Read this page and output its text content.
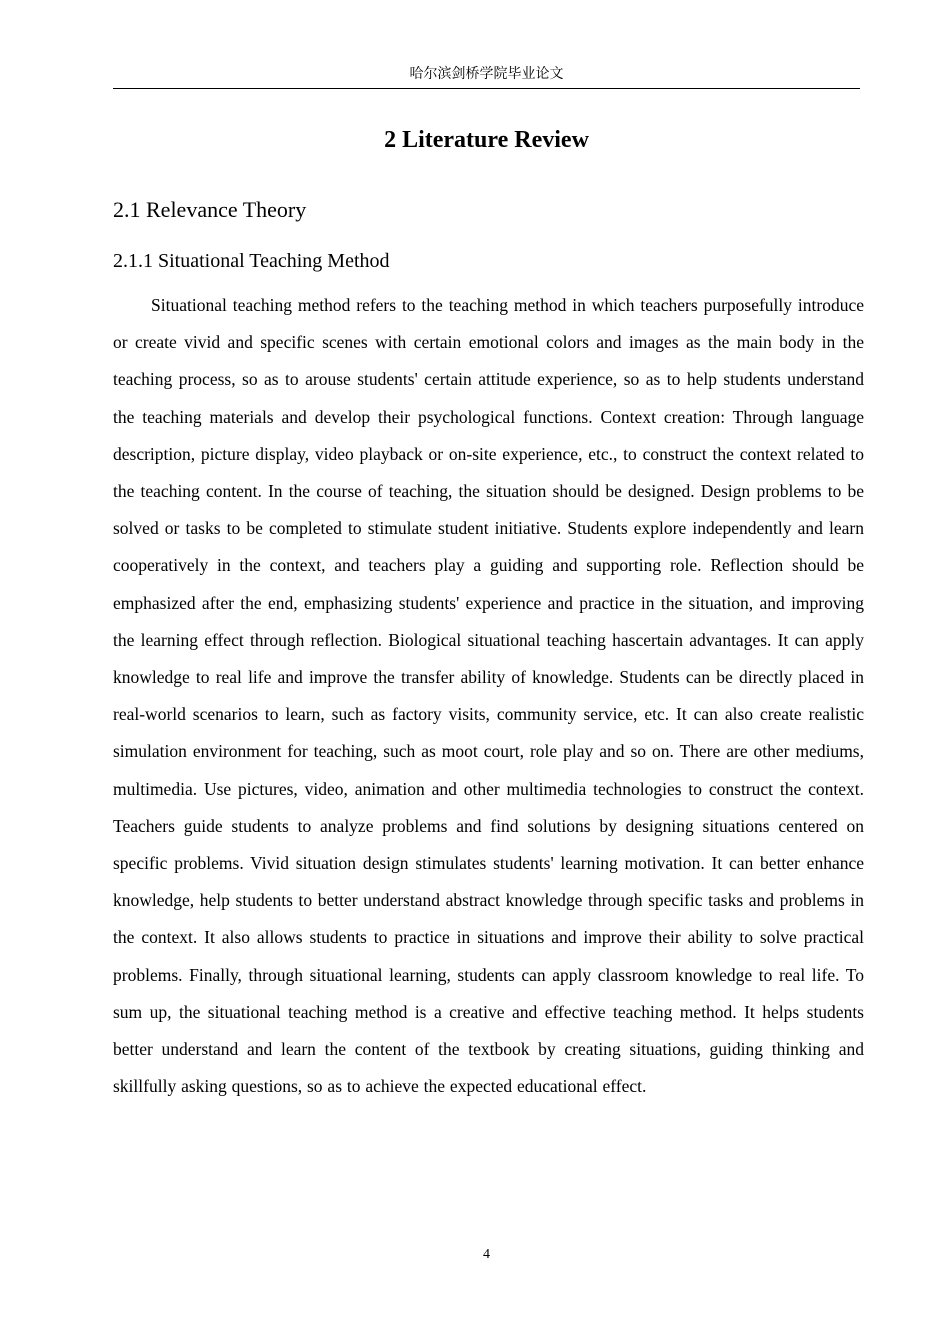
哈尔滨剑桥学院毕业论文
2 Literature Review
2.1 Relevance Theory
2.1.1 Situational Teaching Method

Situational teaching method refers to the teaching method in which teachers purposefully introduce or create vivid and specific scenes with certain emotional colors and images as the main body in the teaching process, so as to arouse students' certain attitude experience, so as to help students understand the teaching materials and develop their psychological functions. Context creation: Through language description, picture display, video playback or on-site experience, etc., to construct the context related to the teaching content. In the course of teaching, the situation should be designed. Design problems to be solved or tasks to be completed to stimulate student initiative. Students explore independently and learn cooperatively in the context, and teachers play a guiding and supporting role. Reflection should be emphasized after the end, emphasizing students' experience and practice in the situation, and improving the learning effect through reflection. Biological situational teaching hascertain advantages. It can apply knowledge to real life and improve the transfer ability of knowledge. Students can be directly placed in real-world scenarios to learn, such as factory visits, community service, etc. It can also create realistic simulation environment for teaching, such as moot court, role play and so on. There are other mediums, multimedia. Use pictures, video, animation and other multimedia technologies to construct the context. Teachers guide students to analyze problems and find solutions by designing situations centered on specific problems. Vivid situation design stimulates students' learning motivation. It can better enhance knowledge, help students to better understand abstract knowledge through specific tasks and problems in the context. It also allows students to practice in situations and improve their ability to solve practical problems. Finally, through situational learning, students can apply classroom knowledge to real life. To sum up, the situational teaching method is a creative and effective teaching method. It helps students better understand and learn the content of the textbook by creating situations, guiding thinking and skillfully asking questions, so as to achieve the expected educational effect.

4
